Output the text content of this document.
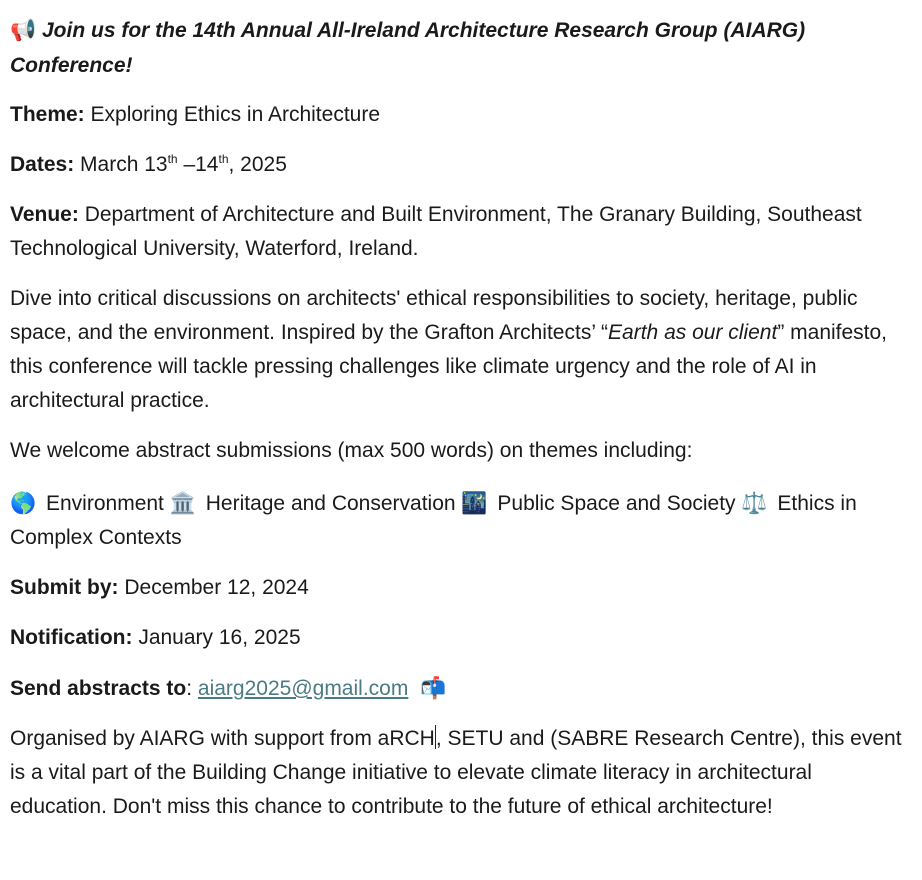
📢 Join us for the 14th Annual All-Ireland Architecture Research Group (AIARG) Conference!

Theme: Exploring Ethics in Architecture

Dates: March 13th –14th, 2025

Venue: Department of Architecture and Built Environment, The Granary Building, Southeast Technological University, Waterford, Ireland.

Dive into critical discussions on architects' ethical responsibilities to society, heritage, public space, and the environment. Inspired by the Grafton Architects’ “Earth as our client” manifesto, this conference will tackle pressing challenges like climate urgency and the role of AI in architectural practice.

We welcome abstract submissions (max 500 words) on themes including:

🌎 Environment 🏛️ Heritage and Conservation 🌃 Public Space and Society ⚖️ Ethics in Complex Contexts

Submit by: December 12, 2024

Notification: January 16, 2025

Send abstracts to: aiarg2025@gmail.com 📬

Organised by AIARG with support from aRCH, SETU and (SABRE Research Centre), this event is a vital part of the Building Change initiative to elevate climate literacy in architectural education. Don't miss this chance to contribute to the future of ethical architecture!
